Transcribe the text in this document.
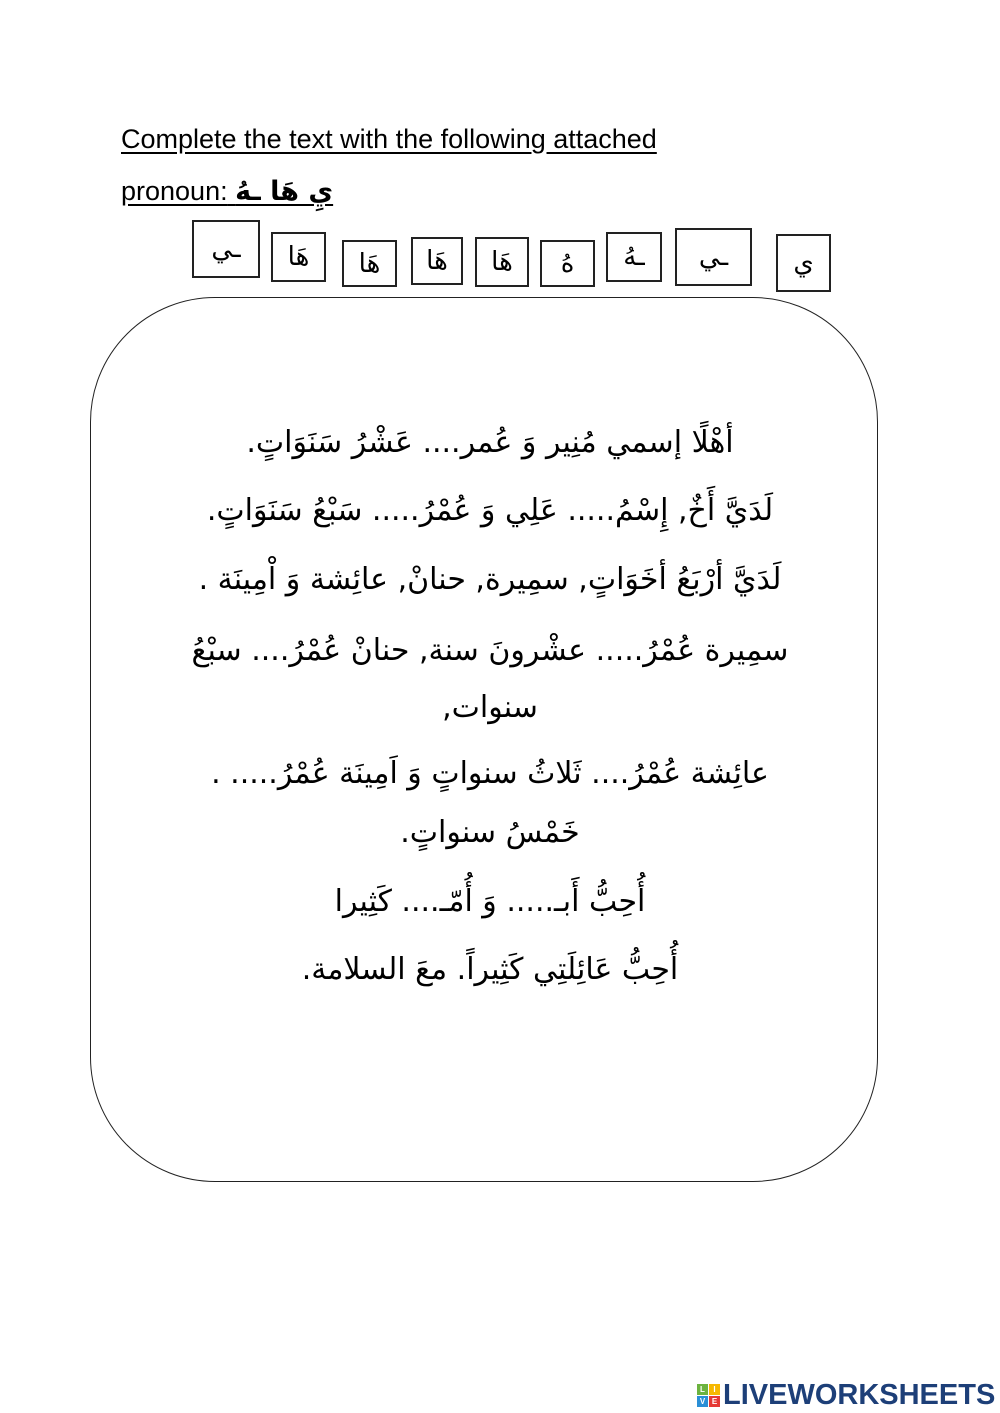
Complete the text with the following attached
pronoun: يِ هَا ـهُ
ـي	هَا	هَا	هَا	هَا	هُ	ـهُ	ـي	ي
أهْلًا إسمي مُنِير وَ عُمر.... عَشْرُ سَنَوَاتٍ.
لَدَيَّ أَخٌ, إِسْمُ..... عَلِي وَ عُمْرُ..... سَبْعُ سَنَوَاتٍ.
لَدَيَّ أرْبَعُ أخَوَاتٍ, سمِيرة, حنانْ, عائِشة وَ اْمِينَة .
سمِيرة عُمْرُ..... عشْرونَ سنة, حنانْ عُمْرُ.... سبْعُ
سنوات,
عائِشة عُمْرُ.... ثَلاثُ سنواتٍ وَ اَمِينَة عُمْرُ..... .
خَمْسُ سنواتٍ.
أُحِبُّ أَبـ..... وَ أُمّـ.... كَثِيرا
أُحِبُّ عَائِلَتِي كَثِيراً. معَ السلامة.
L	I
V E LIVEWORKSHEETS
